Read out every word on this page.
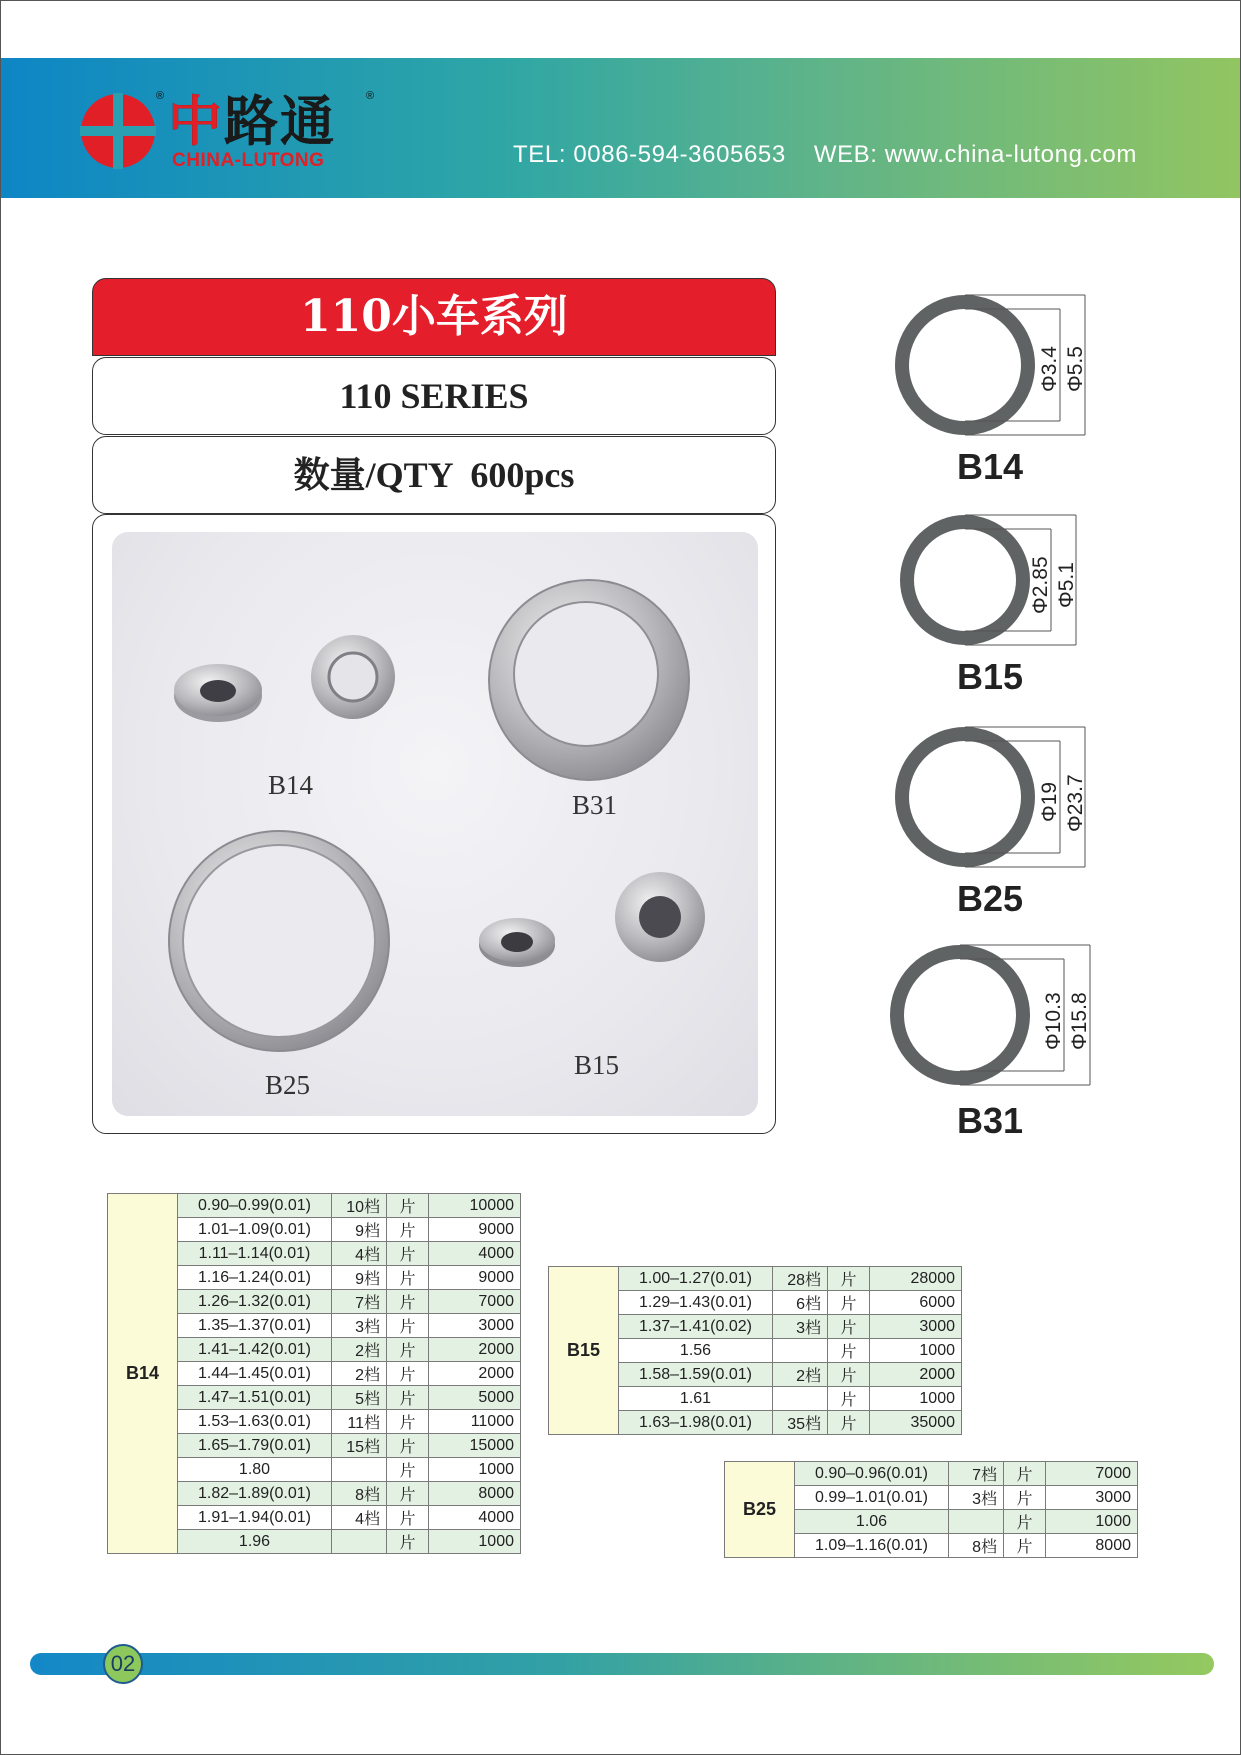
® 中路通	®
CHINA-LUTONG	TEL: 0086-594-3605653 WEB: www.china-lutong.com
110小车系列
110 SERIES
数量/QTY  600pcs
B14
B31
B25
B15
Φ3.4 Φ5.5
B14
Φ2.85 Φ5.1
B15
Φ19 Φ23.7
B25
Φ10.3 Φ15.8
B31
B14	0.90–0.99(0.01)	10档	片	10000
	1.01–1.09(0.01)	9档	片	9000
	1.11–1.14(0.01)	4档	片	4000
	1.16–1.24(0.01)	9档	片	9000
	1.26–1.32(0.01)	7档	片	7000
	1.35–1.37(0.01)	3档	片	3000
	1.41–1.42(0.01)	2档	片	2000
	1.44–1.45(0.01)	2档	片	2000
	1.47–1.51(0.01)	5档	片	5000
	1.53–1.63(0.01)	11档	片	11000
	1.65–1.79(0.01)	15档	片	15000
	1.80		片	1000
	1.82–1.89(0.01)	8档	片	8000
	1.91–1.94(0.01)	4档	片	4000
	1.96		片	1000
B15	1.00–1.27(0.01)	28档	片	28000
	1.29–1.43(0.01)	6档	片	6000
	1.37–1.41(0.02)	3档	片	3000
	1.56		片	1000
	1.58–1.59(0.01)	2档	片	2000
	1.61		片	1000
	1.63–1.98(0.01)	35档	片	35000
B25	0.90–0.96(0.01)	7档	片	7000
	0.99–1.01(0.01)	3档	片	3000
	1.06		片	1000
	1.09–1.16(0.01)	8档	片	8000
02
